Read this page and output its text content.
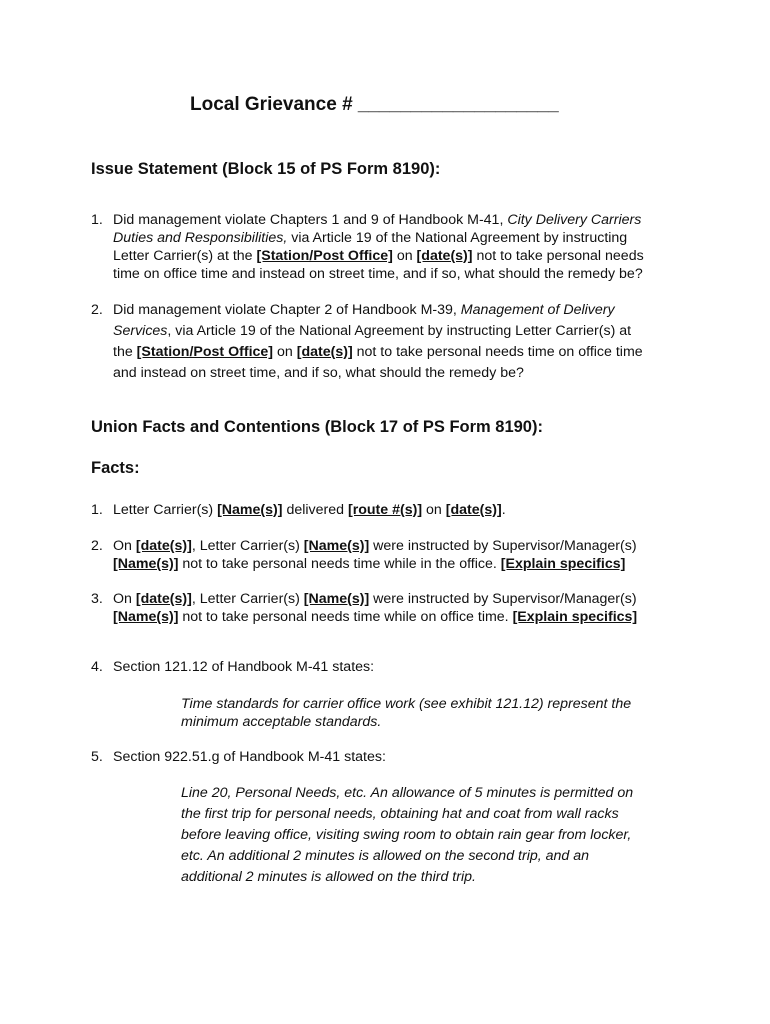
Local Grievance # ___________________
Issue Statement (Block 15 of PS Form 8190):
1. Did management violate Chapters 1 and 9 of Handbook M-41, City Delivery Carriers
Duties and Responsibilities, via Article 19 of the National Agreement by instructing
Letter Carrier(s) at the [Station/Post Office] on [date(s)] not to take personal needs
time on office time and instead on street time, and if so, what should the remedy be?
2. Did management violate Chapter 2 of Handbook M-39, Management of Delivery
Services, via Article 19 of the National Agreement by instructing Letter Carrier(s) at
the [Station/Post Office] on [date(s)] not to take personal needs time on office time
and instead on street time, and if so, what should the remedy be?
Union Facts and Contentions (Block 17 of PS Form 8190):
Facts:
1. Letter Carrier(s) [Name(s)] delivered [route #(s)] on [date(s)].
2. On [date(s)], Letter Carrier(s) [Name(s)] were instructed by Supervisor/Manager(s)
[Name(s)] not to take personal needs time while in the office. [Explain specifics]
3. On [date(s)], Letter Carrier(s) [Name(s)] were instructed by Supervisor/Manager(s)
[Name(s)] not to take personal needs time while on office time. [Explain specifics]
4. Section 121.12 of Handbook M-41 states:
Time standards for carrier office work (see exhibit 121.12) represent the
minimum acceptable standards.
5. Section 922.51.g of Handbook M-41 states:
Line 20, Personal Needs, etc. An allowance of 5 minutes is permitted on
the first trip for personal needs, obtaining hat and coat from wall racks
before leaving office, visiting swing room to obtain rain gear from locker,
etc. An additional 2 minutes is allowed on the second trip, and an
additional 2 minutes is allowed on the third trip.
